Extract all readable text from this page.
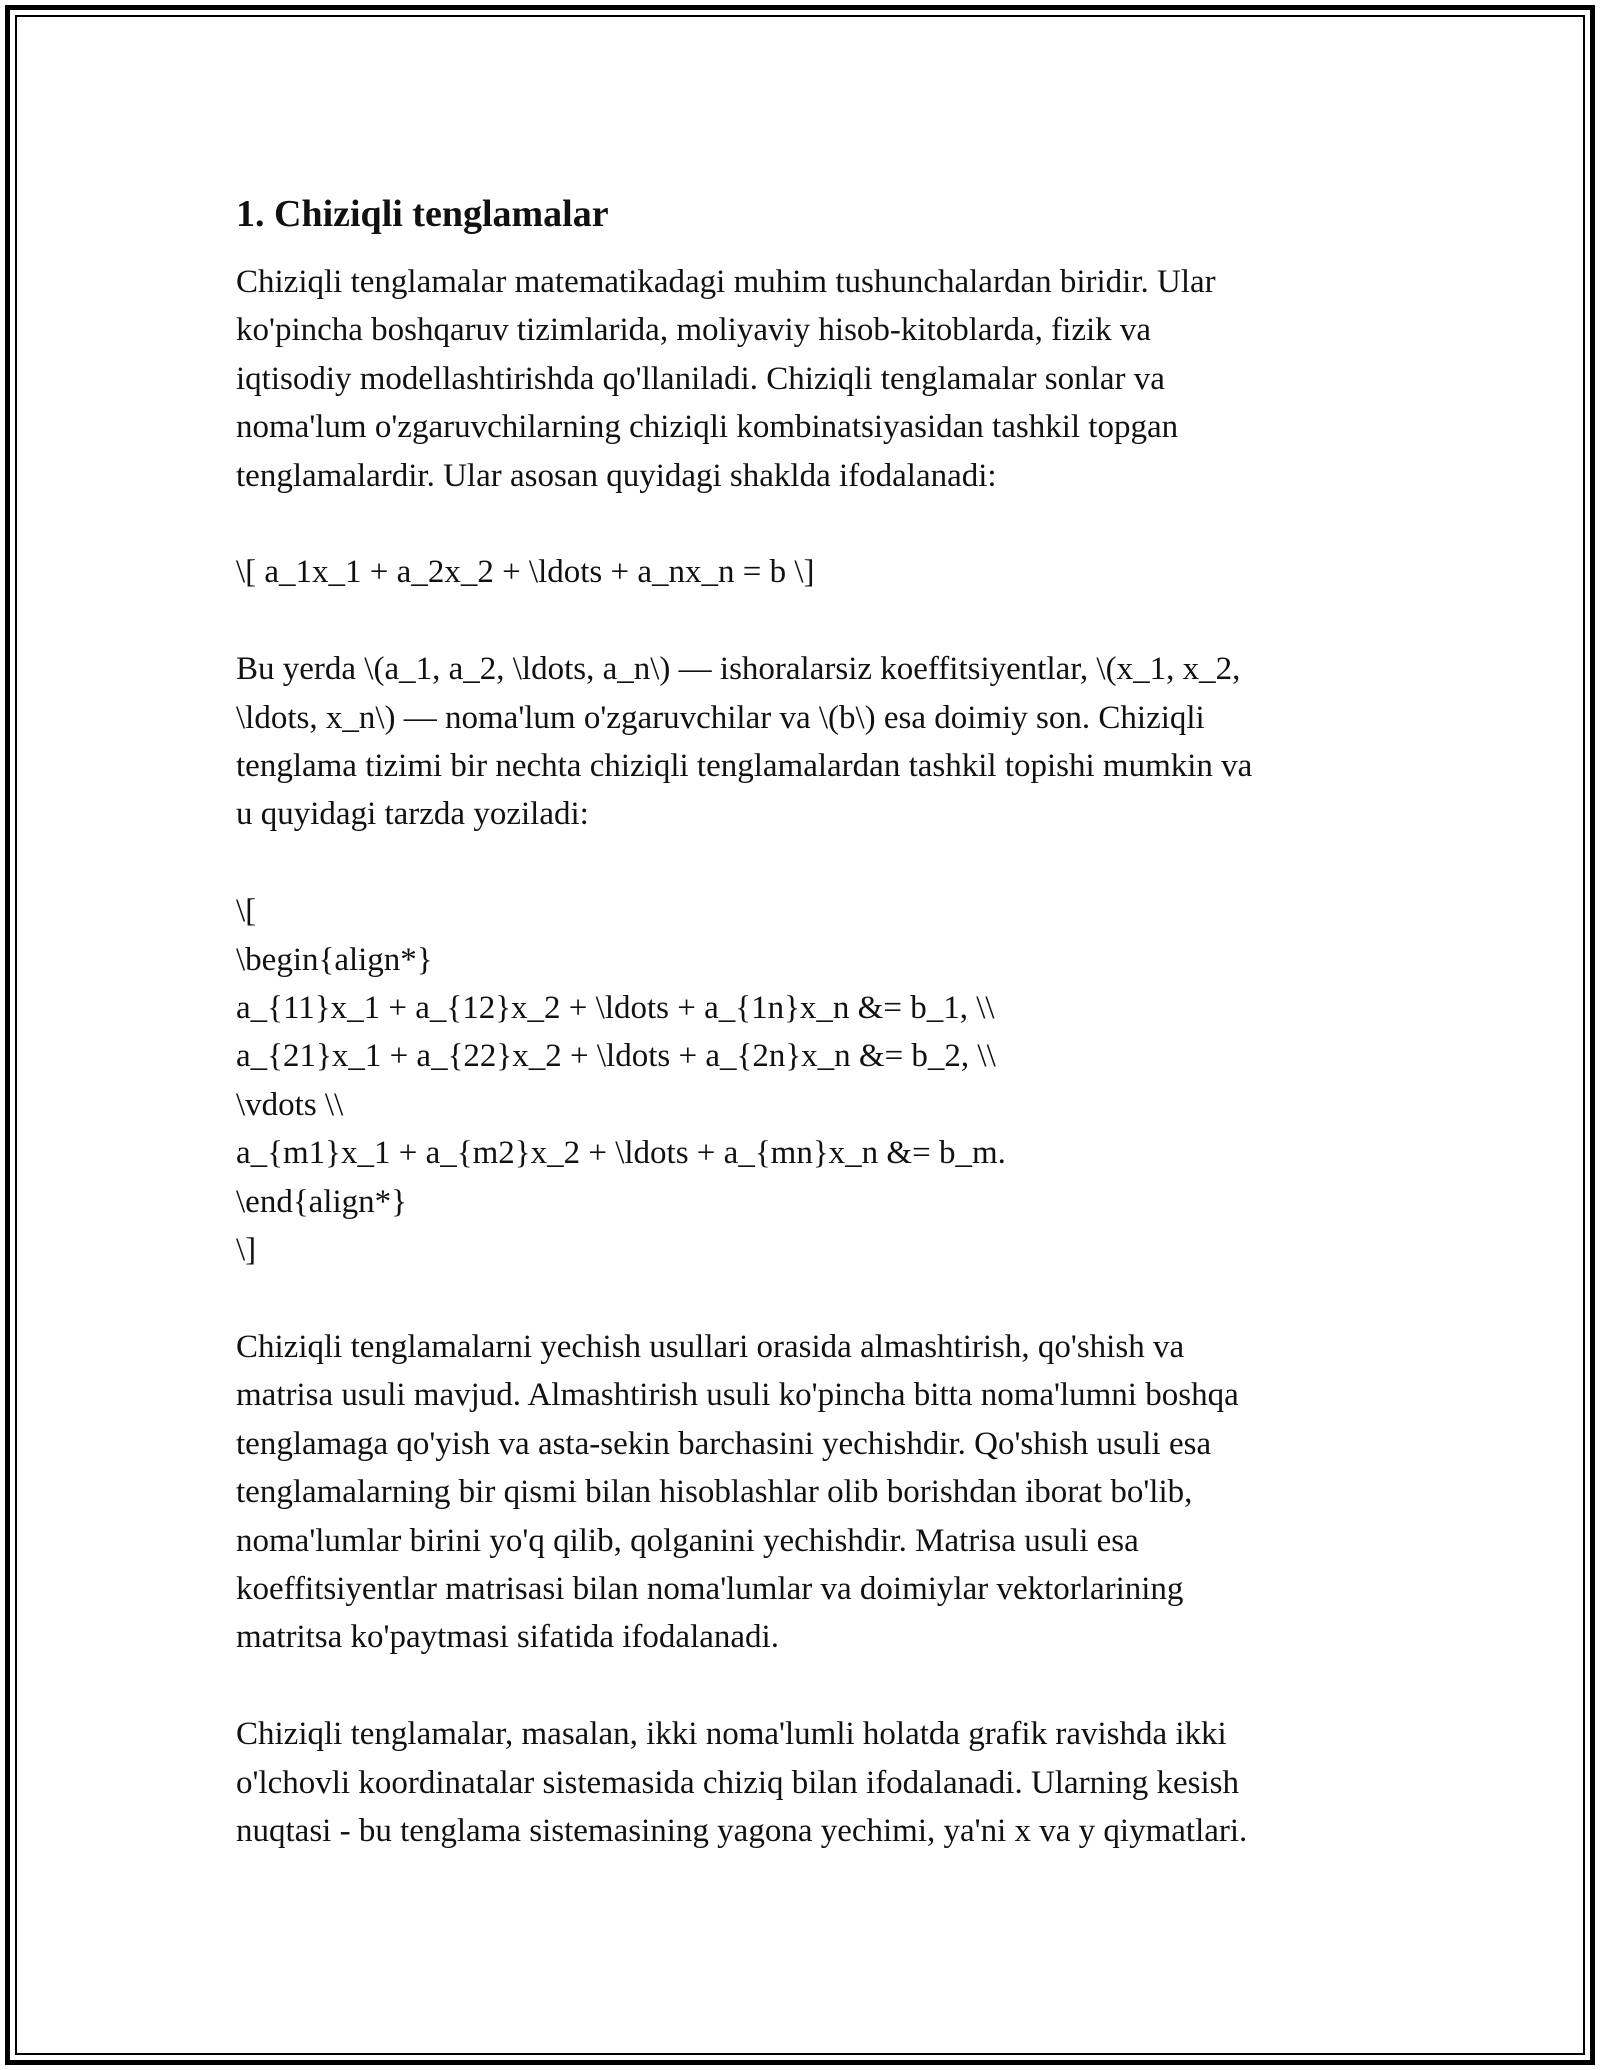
1. Chiziqli tenglamalar

Chiziqli tenglamalar matematikadagi muhim tushunchalardan biridir. Ular
ko'pincha boshqaruv tizimlarida, moliyaviy hisob-kitoblarda, fizik va
iqtisodiy modellashtirishda qo'llaniladi. Chiziqli tenglamalar sonlar va
noma'lum o'zgaruvchilarning chiziqli kombinatsiyasidan tashkil topgan
tenglamalardir. Ular asosan quyidagi shakldа ifodalanadi:

\[ a_1x_1 + a_2x_2 + \ldots + a_nx_n = b \]

Bu yerda \(a_1, a_2, \ldots, a_n\) — ishoralarsiz koeffitsiyentlar, \(x_1, x_2,
\ldots, x_n\) — noma'lum o'zgaruvchilar va \(b\) esa doimiy son. Chiziqli
tenglama tizimi bir nechta chiziqli tenglamalardan tashkil topishi mumkin va
u quyidagi tarzda yoziladi:

\[
\begin{align*}
a_{11}x_1 + a_{12}x_2 + \ldots + a_{1n}x_n &= b_1, \\
a_{21}x_1 + a_{22}x_2 + \ldots + a_{2n}x_n &= b_2, \\
\vdots \\
a_{m1}x_1 + a_{m2}x_2 + \ldots + a_{mn}x_n &= b_m.
\end{align*}
\]

Chiziqli tenglamalarni yechish usullari orasida almashtirish, qo'shish va
matrisa usuli mavjud. Almashtirish usuli ko'pincha bitta noma'lumni boshqa
tenglamaga qo'yish va asta-sekin barchasini yechishdir. Qo'shish usuli esa
tenglamalarning bir qismi bilan hisoblashlar olib borishdan iborat bo'lib,
noma'lumlar birini yo'q qilib, qolganini yechishdir. Matrisa usuli esa
koeffitsiyentlar matrisasi bilan noma'lumlar va doimiylar vektorlarining
matritsa ko'paytmasi sifatida ifodalanadi.

Chiziqli tenglamalar, masalan, ikki noma'lumli holatda grafik ravishda ikki
o'lchovli koordinatalar sistemasida chiziq bilan ifodalanadi. Ularning kesish
nuqtasi - bu tenglama sistemasining yagona yechimi, ya'ni x va y qiymatlari.
